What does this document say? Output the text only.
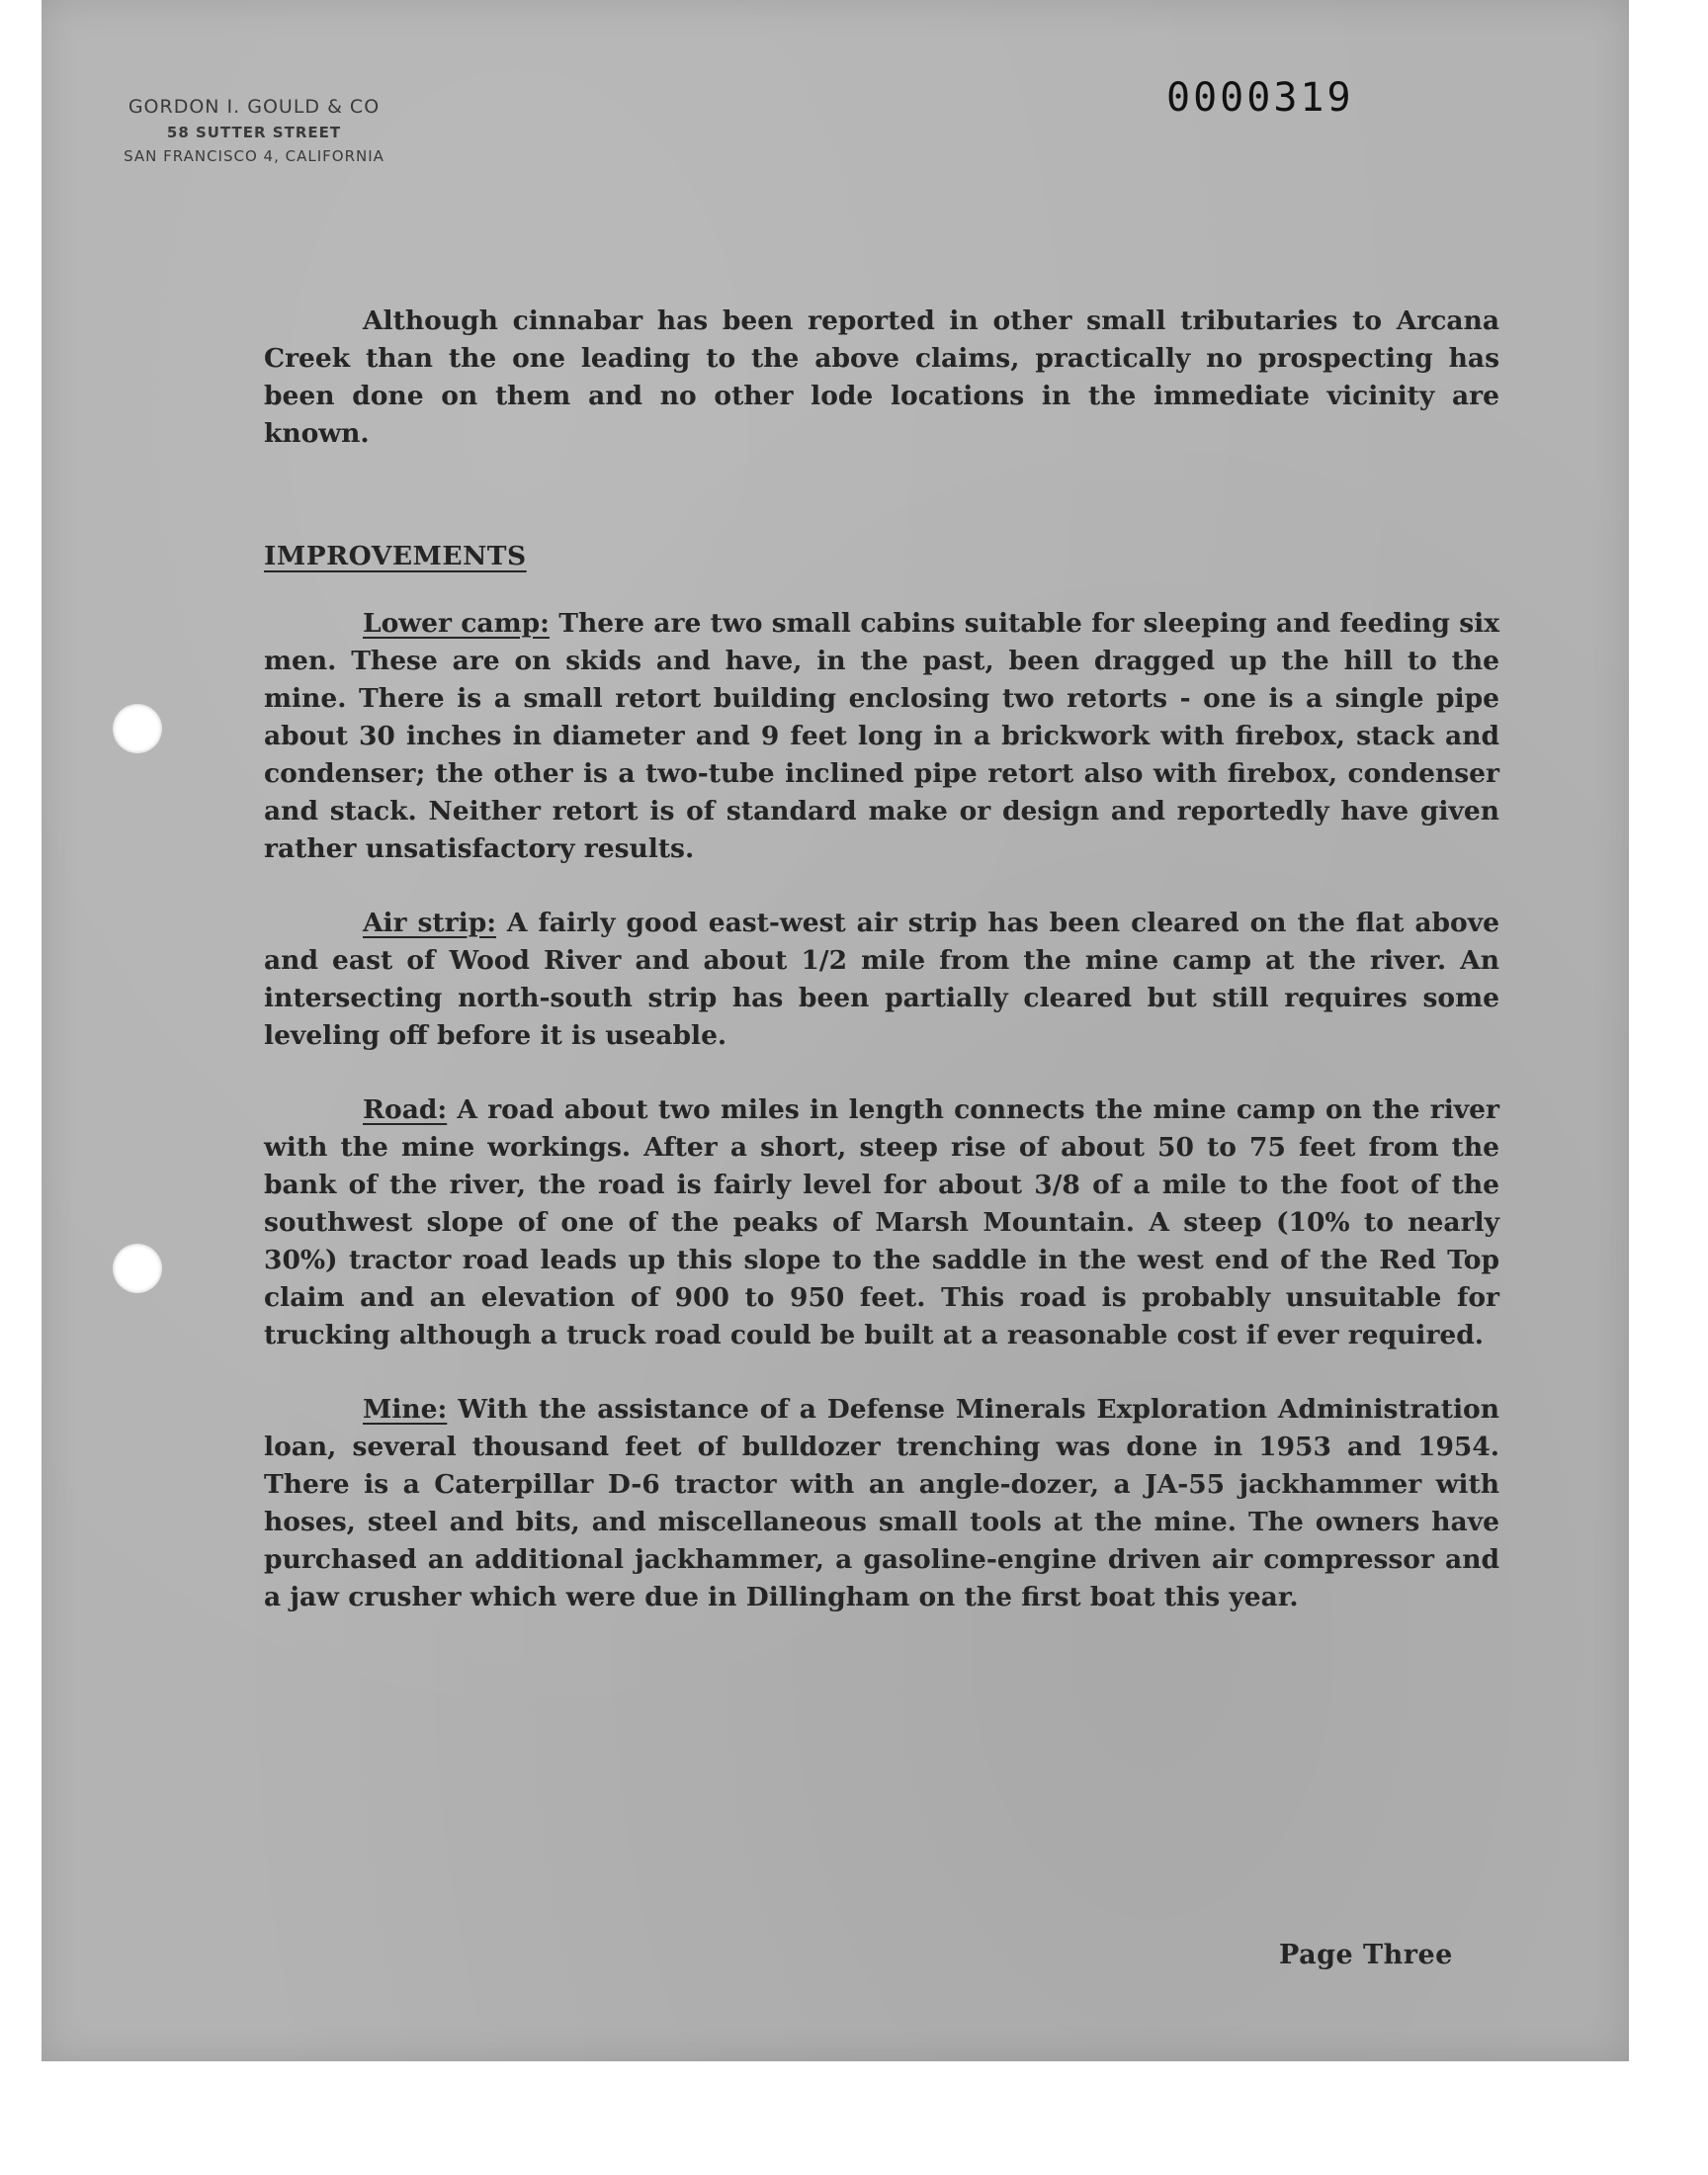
GORDON I. GOULD & CO
58 SUTTER STREET
SAN FRANCISCO 4, CALIFORNIA
0000319

Although cinnabar has been reported in other small tributaries to Arcana Creek than the one leading to the above claims, practically no prospecting has been done on them and no other lode locations in the immediate vicinity are known.

IMPROVEMENTS

Lower camp: There are two small cabins suitable for sleeping and feeding six men. These are on skids and have, in the past, been dragged up the hill to the mine. There is a small retort building enclosing two retorts - one is a single pipe about 30 inches in diameter and 9 feet long in a brickwork with firebox, stack and condenser; the other is a two-tube inclined pipe retort also with firebox, condenser and stack. Neither retort is of standard make or design and reportedly have given rather unsatisfactory results.

Air strip: A fairly good east-west air strip has been cleared on the flat above and east of Wood River and about 1/2 mile from the mine camp at the river. An intersecting north-south strip has been partially cleared but still requires some leveling off before it is useable.

Road: A road about two miles in length connects the mine camp on the river with the mine workings. After a short, steep rise of about 50 to 75 feet from the bank of the river, the road is fairly level for about 3/8 of a mile to the foot of the southwest slope of one of the peaks of Marsh Mountain. A steep (10% to nearly 30%) tractor road leads up this slope to the saddle in the west end of the Red Top claim and an elevation of 900 to 950 feet. This road is probably unsuitable for trucking although a truck road could be built at a reasonable cost if ever required.

Mine: With the assistance of a Defense Minerals Exploration Administration loan, several thousand feet of bulldozer trenching was done in 1953 and 1954. There is a Caterpillar D-6 tractor with an angle-dozer, a JA-55 jackhammer with hoses, steel and bits, and miscellaneous small tools at the mine. The owners have purchased an additional jackhammer, a gasoline-engine driven air compressor and a jaw crusher which were due in Dillingham on the first boat this year.

Page Three
